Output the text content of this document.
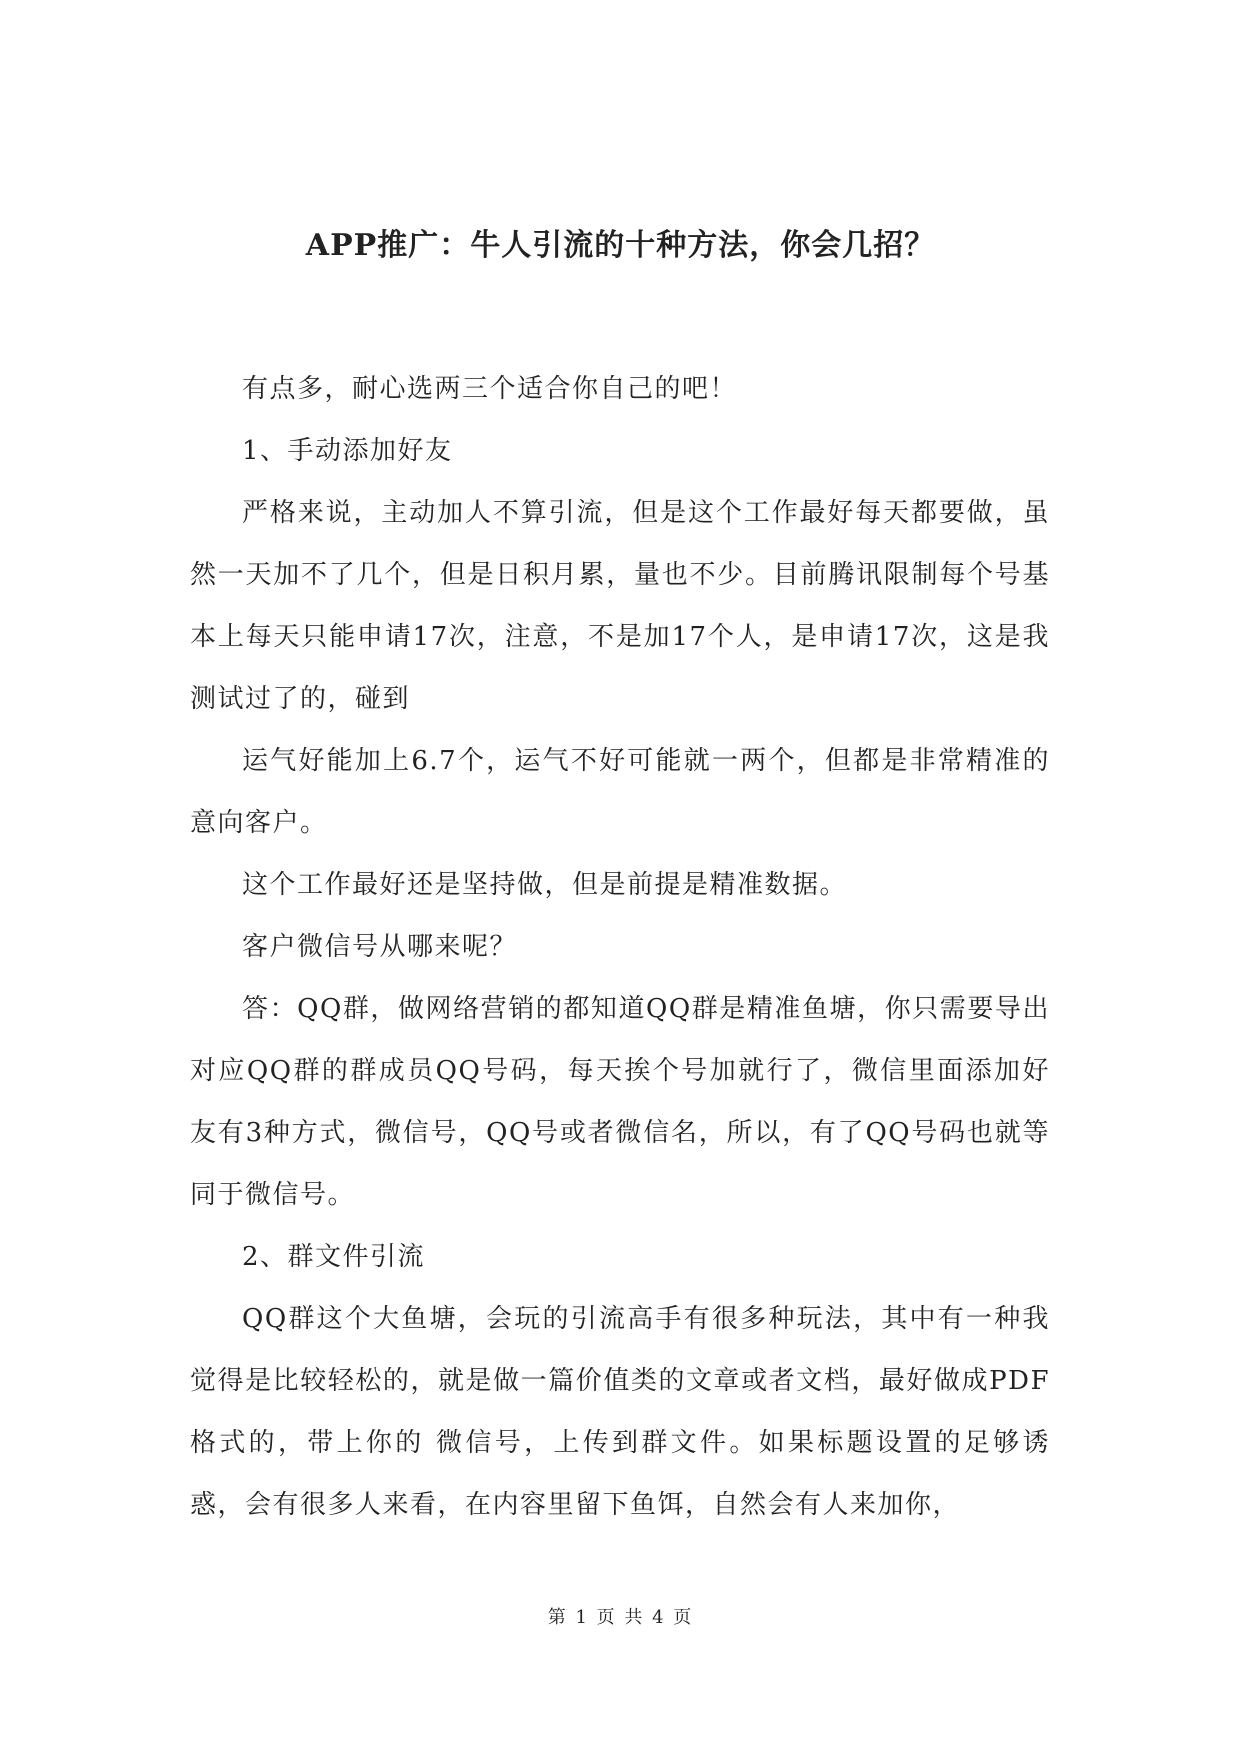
APP推广：牛人引流的十种方法，你会几招？

有点多，耐心选两三个适合你自己的吧！

1、手动添加好友

严格来说，主动加人不算引流，但是这个工作最好每天都要做，虽然一天加不了几个，但是日积月累，量也不少。目前腾讯限制每个号基本上每天只能申请17次，注意，不是加17个人，是申请17次，这是我测试过了的，碰到

运气好能加上6.7个，运气不好可能就一两个，但都是非常精准的意向客户。

这个工作最好还是坚持做，但是前提是精准数据。

客户微信号从哪来呢？

答：QQ群，做网络营销的都知道QQ群是精准鱼塘，你只需要导出对应QQ群的群成员QQ号码，每天挨个号加就行了，微信里面添加好友有3种方式，微信号，QQ号或者微信名，所以，有了QQ号码也就等同于微信号。

2、群文件引流

QQ群这个大鱼塘，会玩的引流高手有很多种玩法，其中有一种我觉得是比较轻松的，就是做一篇价值类的文章或者文档，最好做成PDF格式的，带上你的 微信号，上传到群文件。如果标题设置的足够诱惑，会有很多人来看，在内容里留下鱼饵，自然会有人来加你，

第 1 页 共 4 页
